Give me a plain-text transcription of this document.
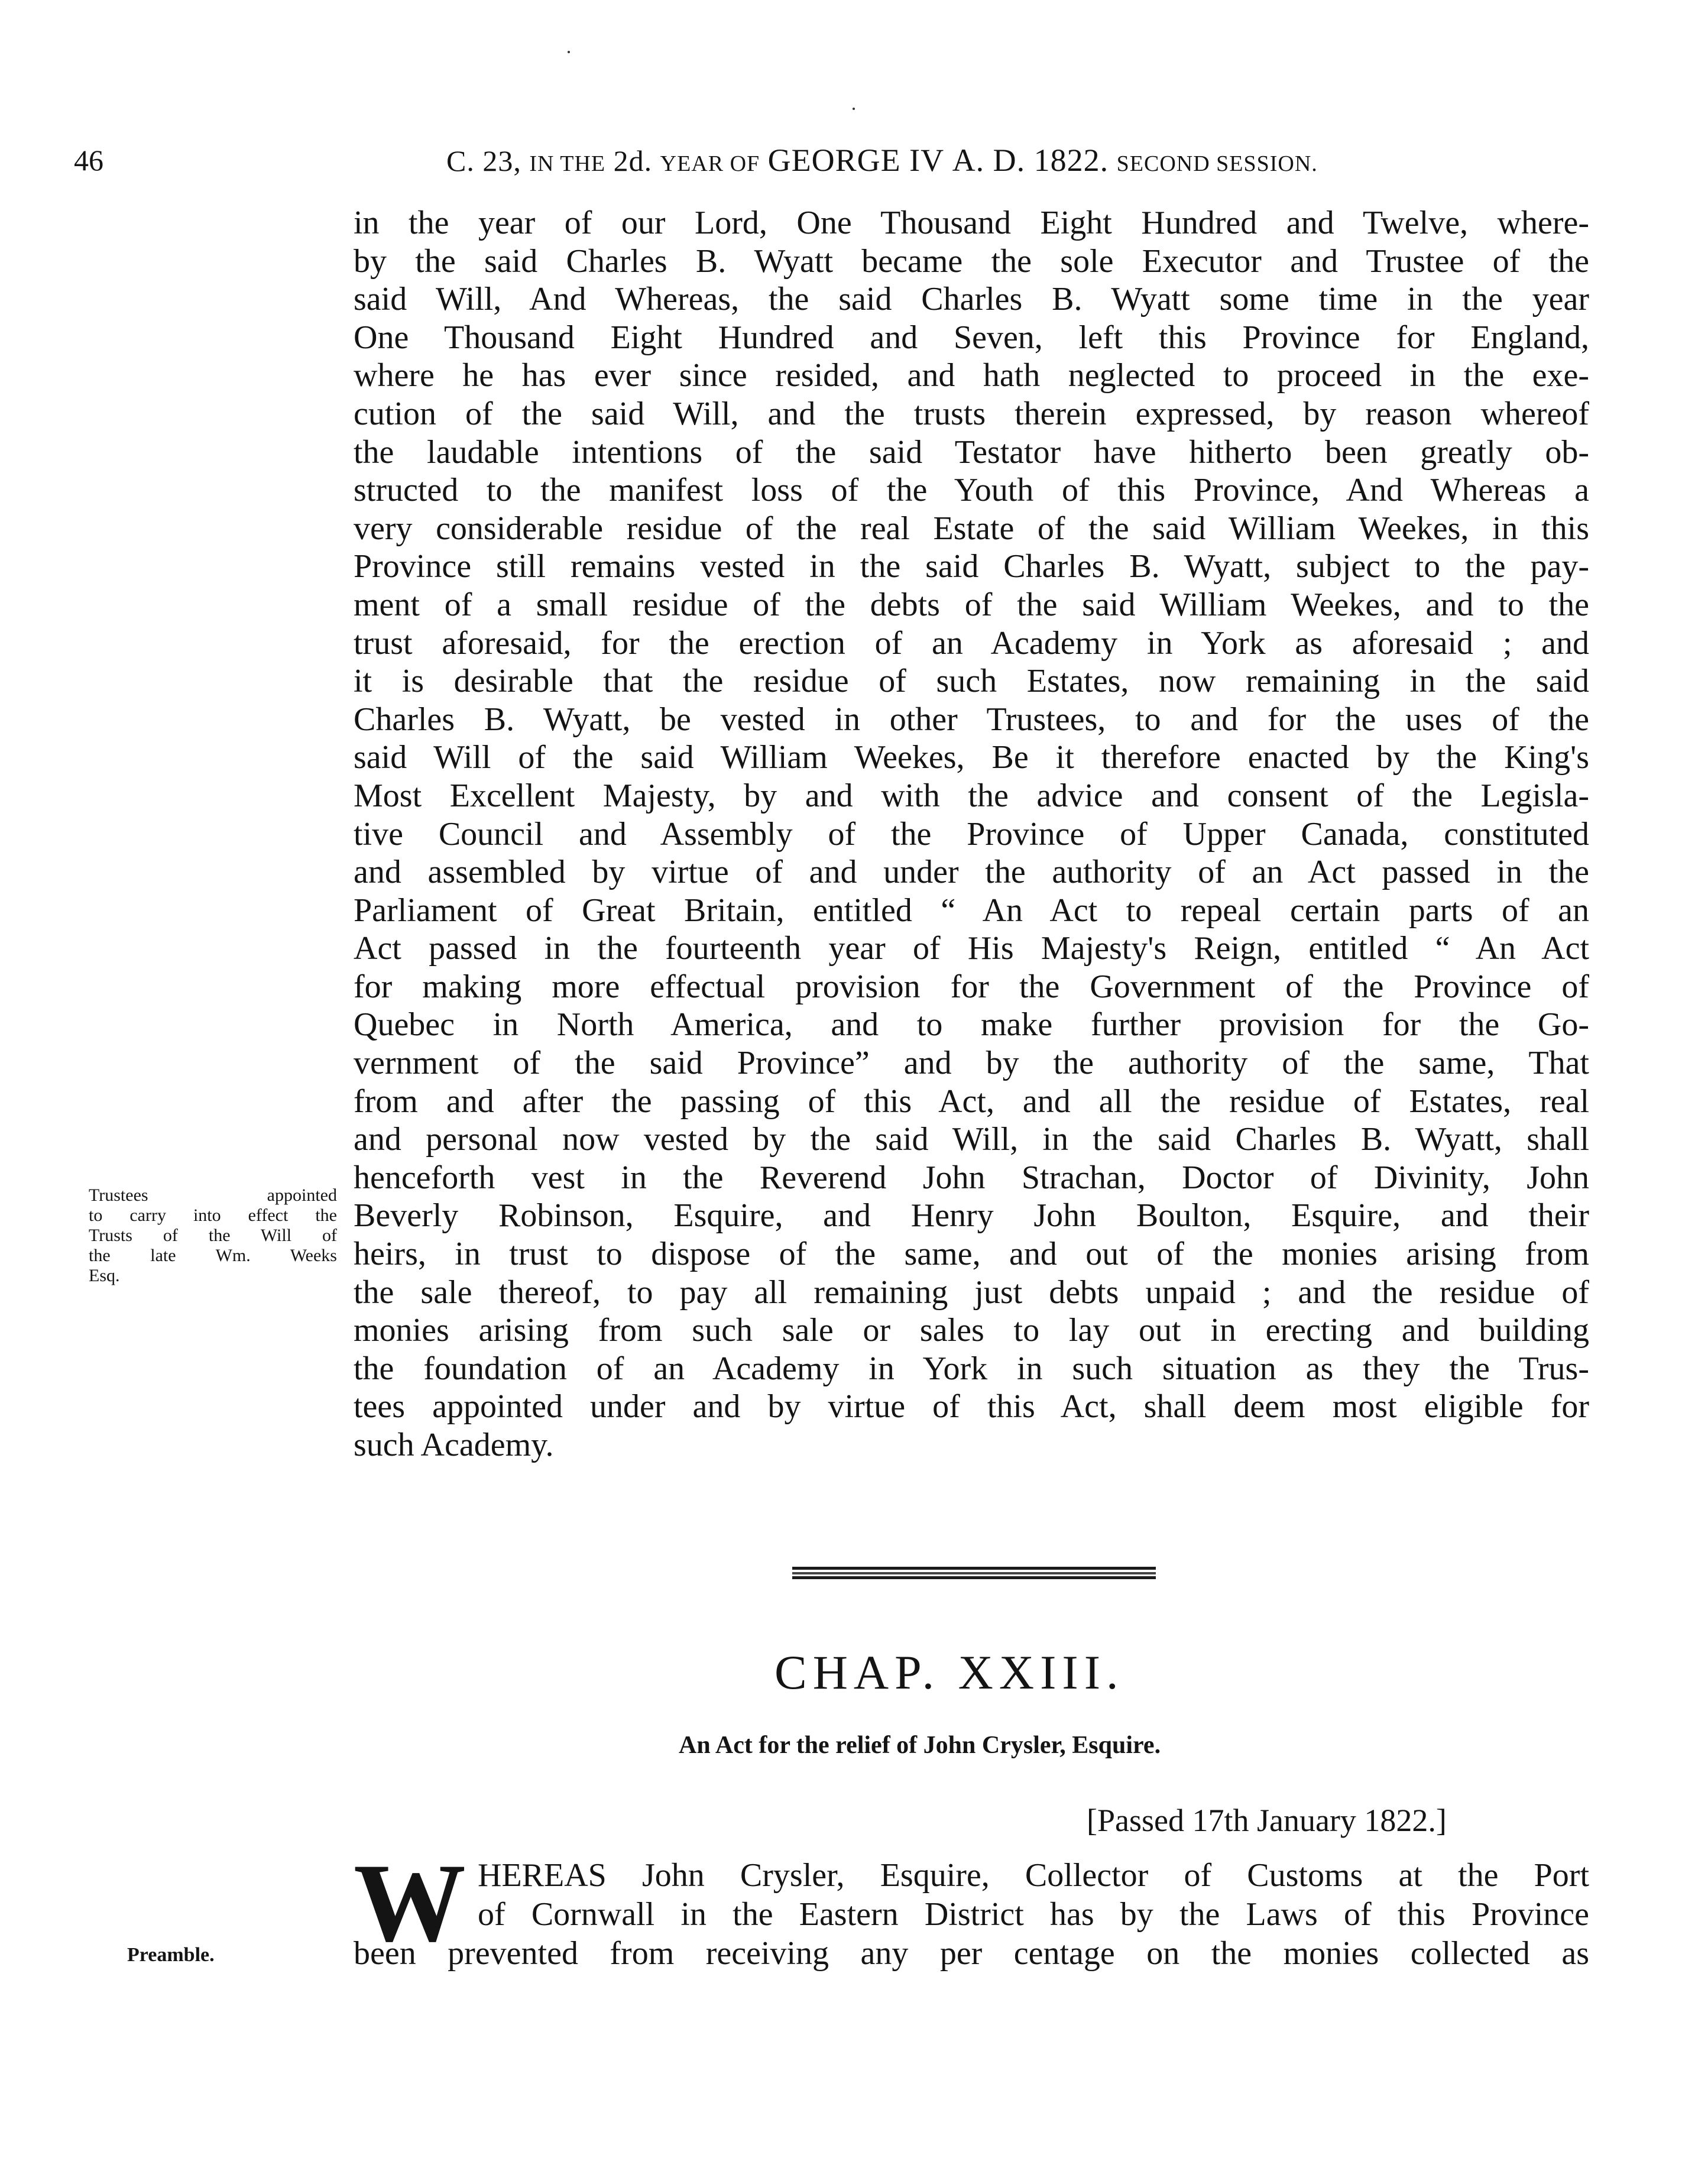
46	C. 23, IN THE 2d. YEAR OF GEORGE IV A. D. 1822. SECOND SESSION.
in the year of our Lord, One Thousand Eight Hundred and Twelve, where-
by the said Charles B. Wyatt became the sole Executor and Trustee of the
said Will, And Whereas, the said Charles B. Wyatt some time in the year
One Thousand Eight Hundred and Seven, left this Province for England,
where he has ever since resided, and hath neglected to proceed in the exe-
cution of the said Will, and the trusts therein expressed, by reason whereof
the laudable intentions of the said Testator have hitherto been greatly ob-
structed to the manifest loss of the Youth of this Province, And Whereas a
very considerable residue of the real Estate of the said William Weekes, in this
Province still remains vested in the said Charles B. Wyatt, subject to the pay-
ment of a small residue of the debts of the said William Weekes, and to the
trust aforesaid, for the erection of an Academy in York as aforesaid ; and
it is desirable that the residue of such Estates, now remaining in the said
Charles B. Wyatt, be vested in other Trustees, to and for the uses of the
said Will of the said William Weekes, Be it therefore enacted by the King's
Most Excellent Majesty, by and with the advice and consent of the Legisla-
tive Council and Assembly of the Province of Upper Canada, constituted
and assembled by virtue of and under the authority of an Act passed in the
Parliament of Great Britain, entitled “ An Act to repeal certain parts of an
Act passed in the fourteenth year of His Majesty's Reign, entitled “ An Act
for making more effectual provision for the Government of the Province of
Quebec in North America, and to make further provision for the Go-
vernment of the said Province” and by the authority of the same, That
from and after the passing of this Act, and all the residue of Estates, real
and personal now vested by the said Will, in the said Charles B. Wyatt, shall
henceforth vest in the Reverend John Strachan, Doctor of Divinity, John
Beverly Robinson, Esquire, and Henry John Boulton, Esquire, and their
heirs, in trust to dispose of the same, and out of the monies arising from
the sale thereof, to pay all remaining just debts unpaid ; and the residue of
monies arising from such sale or sales to lay out in erecting and building
the foundation of an Academy in York in such situation as they the Trus-
tees appointed under and by virtue of this Act, shall deem most eligible for
such Academy.
Trustees appointed
to carry into effect the
Trusts of the Will of
the late Wm. Weeks
Esq.
CHAP. XXIII.
An Act for the relief of John Crysler, Esquire.
[Passed 17th January 1822.]
W HEREAS John Crysler, Esquire, Collector of Customs at the Port
of Cornwall in the Eastern District has by the Laws of this Province
been prevented from receiving any per centage on the monies collected as
Preamble.
